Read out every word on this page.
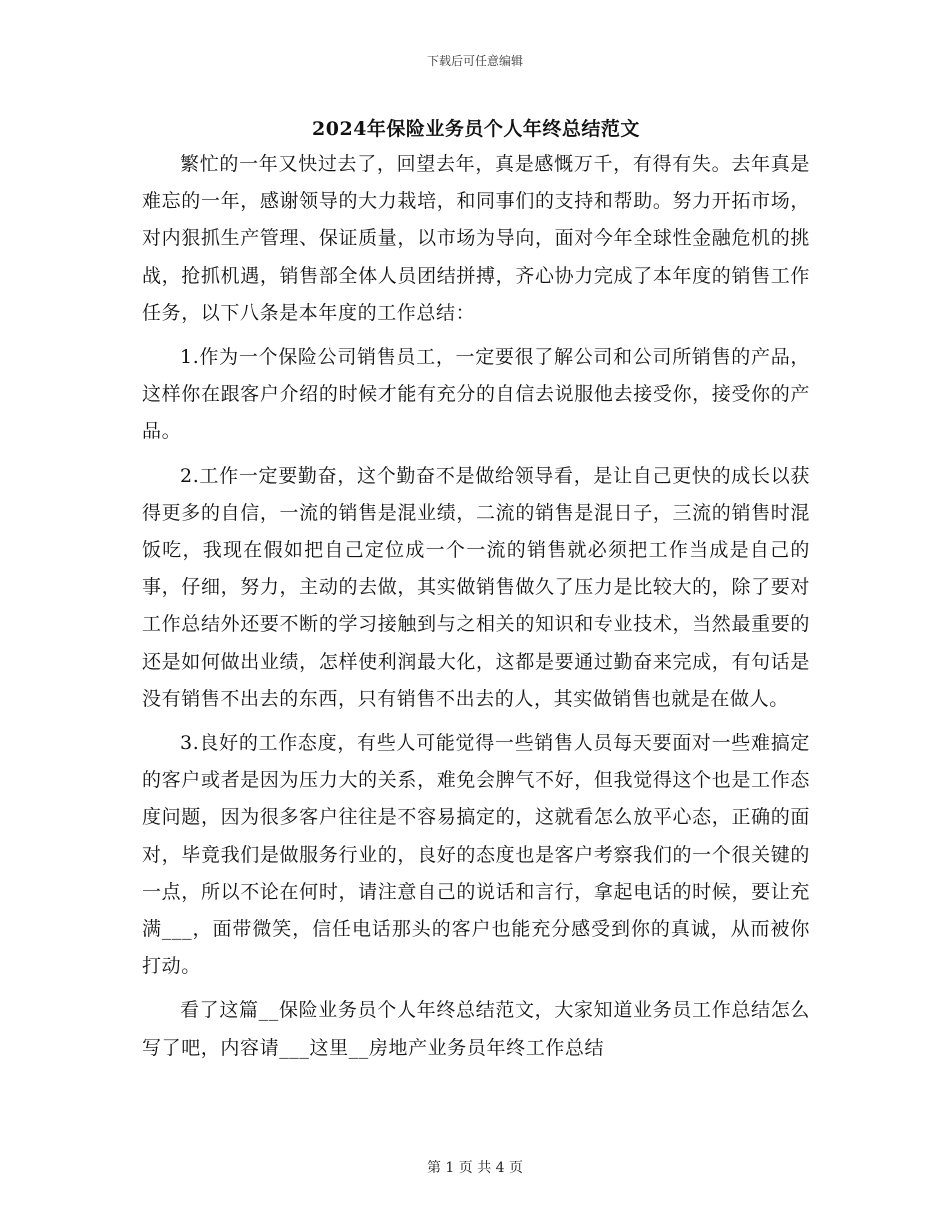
下载后可任意编辑
2024年保险业务员个人年终总结范文

繁忙的一年又快过去了，回望去年，真是感慨万千，有得有失。去年真是难忘的一年，感谢领导的大力栽培，和同事们的支持和帮助。努力开拓市场，对内狠抓生产管理、保证质量，以市场为导向，面对今年全球性金融危机的挑战，抢抓机遇，销售部全体人员团结拼搏，齐心协力完成了本年度的销售工作任务，以下八条是本年度的工作总结：

1.作为一个保险公司销售员工，一定要很了解公司和公司所销售的产品，这样你在跟客户介绍的时候才能有充分的自信去说服他去接受你，接受你的产品。

2.工作一定要勤奋，这个勤奋不是做给领导看，是让自己更快的成长以获得更多的自信，一流的销售是混业绩，二流的销售是混日子，三流的销售时混饭吃，我现在假如把自己定位成一个一流的销售就必须把工作当成是自己的事，仔细，努力，主动的去做，其实做销售做久了压力是比较大的，除了要对工作总结外还要不断的学习接触到与之相关的知识和专业技术，当然最重要的还是如何做出业绩，怎样使利润最大化，这都是要通过勤奋来完成，有句话是没有销售不出去的东西，只有销售不出去的人，其实做销售也就是在做人。

3.良好的工作态度，有些人可能觉得一些销售人员每天要面对一些难搞定的客户或者是因为压力大的关系，难免会脾气不好，但我觉得这个也是工作态度问题，因为很多客户往往是不容易搞定的，这就看怎么放平心态，正确的面对，毕竟我们是做服务行业的，良好的态度也是客户考察我们的一个很关键的一点，所以不论在何时，请注意自己的说话和言行，拿起电话的时候，要让充满___，面带微笑，信任电话那头的客户也能充分感受到你的真诚，从而被你打动。

看了这篇__保险业务员个人年终总结范文，大家知道业务员工作总结怎么写了吧，内容请___这里__房地产业务员年终工作总结

第 1 页 共 4 页
